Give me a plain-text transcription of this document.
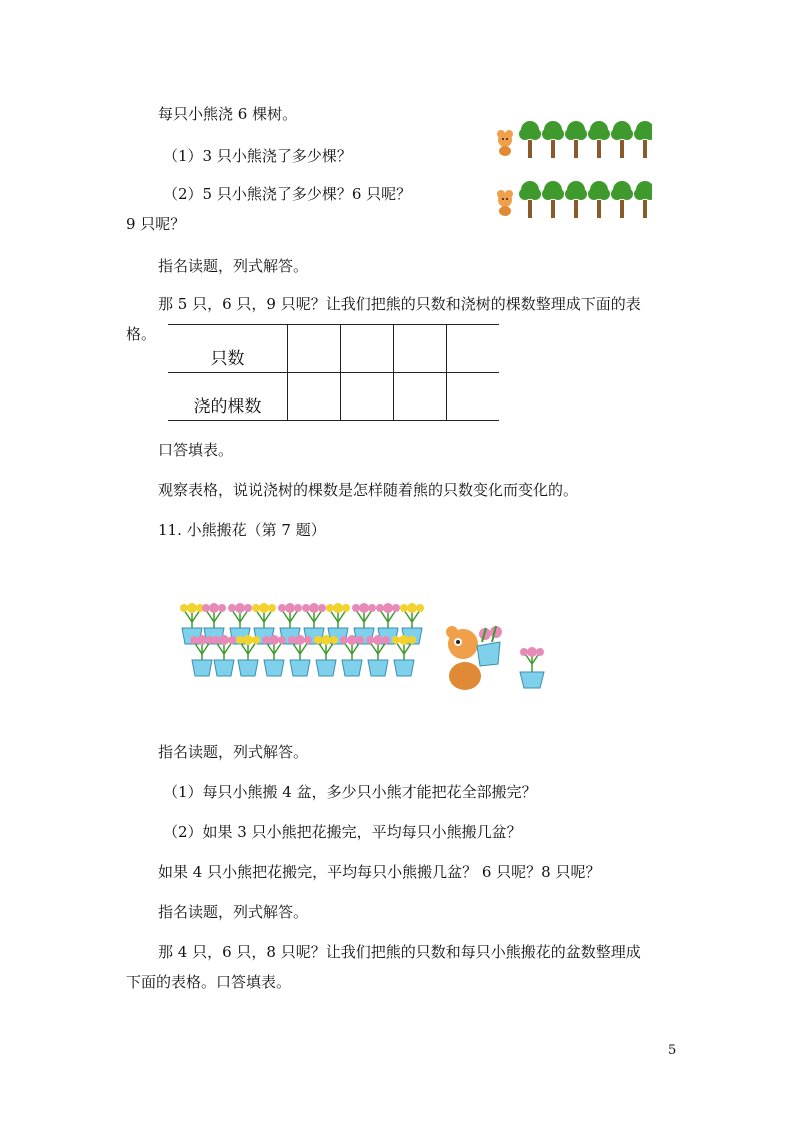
每只小熊浇 6 棵树。
（1）3 只小熊浇了多少棵？
（2）5 只小熊浇了多少棵？6 只呢？
9 只呢？
指名读题，列式解答。
那 5 只，6 只，9 只呢？让我们把熊的只数和浇树的棵数整理成下面的表
格。
只数				
浇的棵数				
口答填表。
观察表格，说说浇树的棵数是怎样随着熊的只数变化而变化的。
11. 小熊搬花（第 7 题）
指名读题，列式解答。
（1）每只小熊搬 4 盆，多少只小熊才能把花全部搬完？
（2）如果 3 只小熊把花搬完，平均每只小熊搬几盆？
如果 4 只小熊把花搬完，平均每只小熊搬几盆？ 6 只呢？8 只呢？
指名读题，列式解答。
那 4 只，6 只，8 只呢？让我们把熊的只数和每只小熊搬花的盆数整理成
下面的表格。口答填表。
5
